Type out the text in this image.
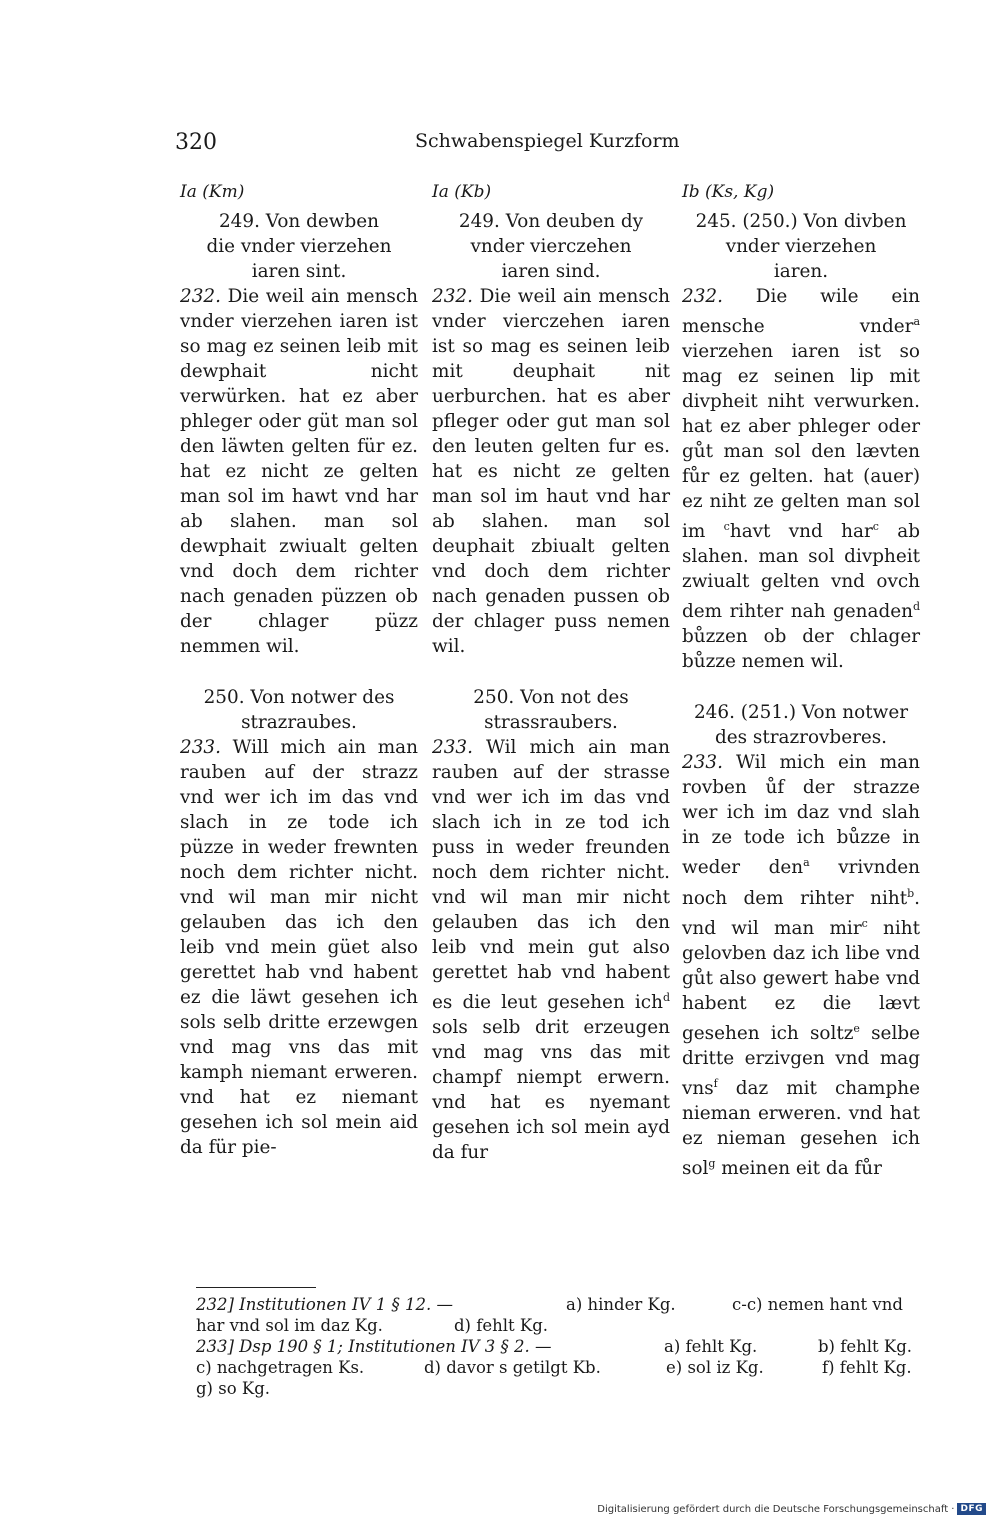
320	Schwabenspiegel Kurzform
Ia (Km)
249. Von dewben
die vnder vierzehen
iaren sint.

232. Die weil ain mensch vnder vierzehen iaren ist so mag ez seinen leib mit dewphait nicht verwürken. hat ez aber phleger oder güt man sol den läwten gelten für ez. hat ez nicht ze gelten man sol im hawt vnd har ab slahen. man sol dewphait zwiualt gelten vnd doch dem richter nach genaden püzzen ob der chlager püzz nemmen wil.

250. Von notwer des
strazraubes.

233. Will mich ain man rauben auf der strazz vnd wer ich im das vnd slach in ze tode ich püzze in weder frewnten noch dem richter nicht. vnd wil man mir nicht gelauben das ich den leib vnd mein güet also gerettet hab vnd habent ez die läwt gesehen ich sols selb dritte erzewgen vnd mag vns das mit kamph niemant erweren. vnd hat ez niemant gesehen ich sol mein aid da für pie-

Ia (Kb)
249. Von deuben dy
vnder vierczehen
iaren sind.

232. Die weil ain mensch vnder vierczehen iaren ist so mag es seinen leib mit deuphait nit uerburchen. hat es aber pfleger oder gut man sol den leuten gelten fur es. hat es nicht ze gelten man sol im haut vnd har ab slahen. man sol deuphait zbiualt gelten vnd doch dem richter nach genaden pussen ob der chlager puss nemen wil.

250. Von not des
strassraubers.

233. Wil mich ain man rauben auf der strasse vnd wer ich im das vnd slach ich in ze tod ich puss in weder freunden noch dem richter nicht. vnd wil man mir nicht gelauben das ich den leib vnd mein gut also gerettet hab vnd habent es die leut gesehen ich$^d$ sols selb drit erzeugen vnd mag vns das mit champf niempt erwern. vnd hat es nyemant gesehen ich sol mein ayd da fur

Ib (Ks, Kg)
245. (250.) Von divben
vnder vierzehen
iaren.

232. Die wile ein mensche vnder$^a$ vierzehen iaren ist so mag ez seinen lip mit divpheit niht verwurken. hat ez aber phleger oder gůt man sol den lævten fůr ez gelten. hat (auer) ez niht ze gelten man sol im $^c$havt vnd har$^c$ ab slahen. man sol divpheit zwiualt gelten vnd ovch dem rihter nah genaden$^d$ bůzzen ob der chlager bůzze nemen wil.

246. (251.) Von notwer
des strazrovberes.

233. Wil mich ein man rovben ůf der strazze wer ich im daz vnd slah in ze tode ich bůzze in weder den$^a$ vrivnden noch dem rihter niht$^b$. vnd wil man mir$^c$ niht gelovben daz ich libe vnd gůt also gewert habe vnd habent ez die lævt gesehen ich soltz$^e$ selbe dritte erzivgen vnd mag vns$^f$ daz mit champhe nieman erweren. vnd hat ez nieman gesehen ich sol$^g$ meinen eit da fůr

232] Institutionen IV 1 § 12. —	a) hinder Kg.	c-c) nemen hant vnd
har vnd sol im daz Kg.	d) fehlt Kg.
233] Dsp 190 § 1; Institutionen IV 3 § 2. —	a) fehlt Kg.	b) fehlt Kg.
c) nachgetragen Ks.	d) davor s getilgt Kb.	e) sol iz Kg.	f) fehlt Kg.
g) so Kg.
Digitalisierung gefördert durch die Deutsche Forschungsgemeinschaft · DFG
